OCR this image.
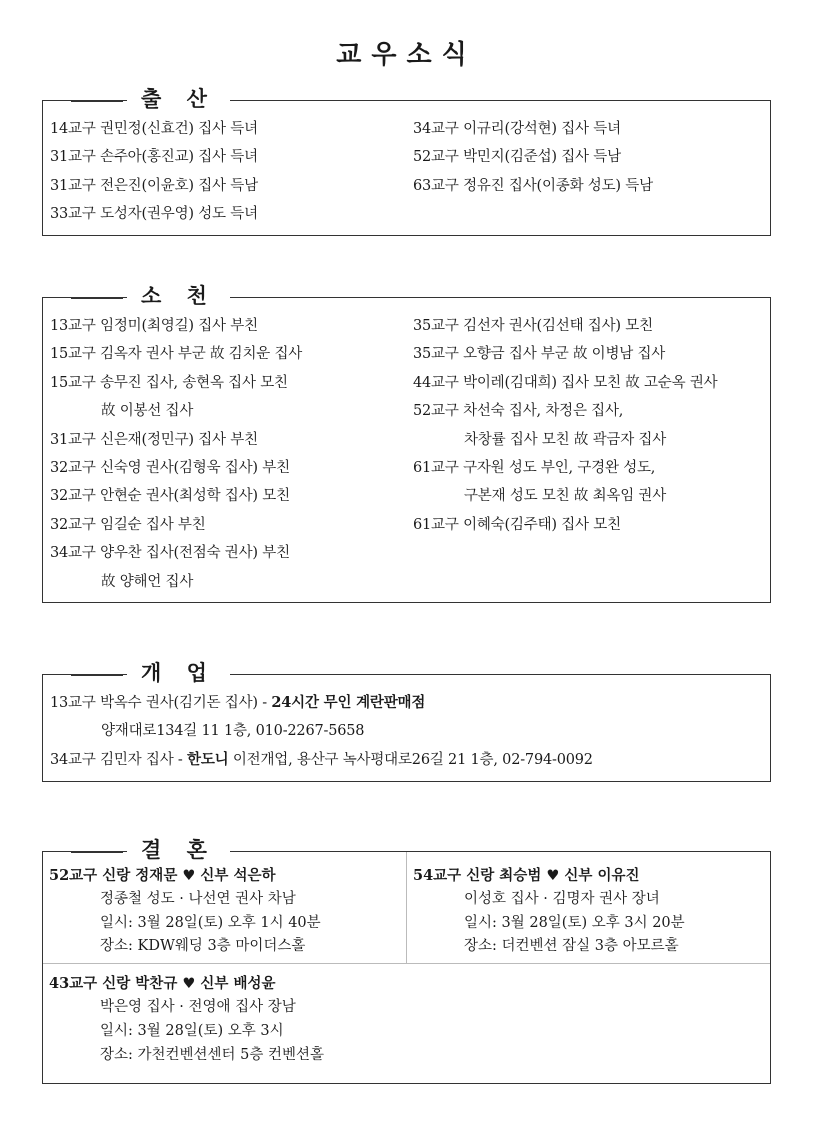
교우소식
출 산
14교구 권민정(신효건) 집사 득녀
31교구 손주아(홍진교) 집사 득녀
31교구 전은진(이윤호) 집사 득남
33교구 도성자(권우영) 성도 득녀
34교구 이규리(강석현) 집사 득녀
52교구 박민지(김준섭) 집사 득남
63교구 정유진 집사(이종화 성도) 득남
소 천
13교구 임정미(최영길) 집사 부친
15교구 김옥자 권사 부군 故 김치운 집사
15교구 송무진 집사, 송현옥 집사 모친
故 이봉선 집사
31교구 신은재(정민구) 집사 부친
32교구 신숙영 권사(김형욱 집사) 부친
32교구 안현순 권사(최성학 집사) 모친
32교구 임길순 집사 부친
34교구 양우찬 집사(전점숙 권사) 부친
故 양해언 집사
35교구 김선자 권사(김선태 집사) 모친
35교구 오향금 집사 부군 故 이병남 집사
44교구 박이레(김대희) 집사 모친 故 고순옥 권사
52교구 차선숙 집사, 차정은 집사,
차창률 집사 모친 故 곽금자 집사
61교구 구자원 성도 부인, 구경완 성도,
구본재 성도 모친 故 최옥임 권사
61교구 이혜숙(김주태) 집사 모친
개 업
13교구 박옥수 권사(김기돈 집사) - 24시간 무인 계란판매점
양재대로134길 11 1층, 010-2267-5658
34교구 김민자 집사 - 한도니 이전개업, 용산구 녹사평대로26길 21 1층, 02-794-0092
결 혼
52교구 신랑 정재문 ♥ 신부 석은하
정종철 성도 · 나선연 권사 차남
일시: 3월 28일(토) 오후 1시 40분
장소: KDW웨딩 3층 마이더스홀
54교구 신랑 최승범 ♥ 신부 이유진
이성호 집사 · 김명자 권사 장녀
일시: 3월 28일(토) 오후 3시 20분
장소: 더컨벤션 잠실 3층 아모르홀
43교구 신랑 박찬규 ♥ 신부 배성윤
박은영 집사 · 전영애 집사 장남
일시: 3월 28일(토) 오후 3시
장소: 가천컨벤션센터 5층 컨벤션홀
